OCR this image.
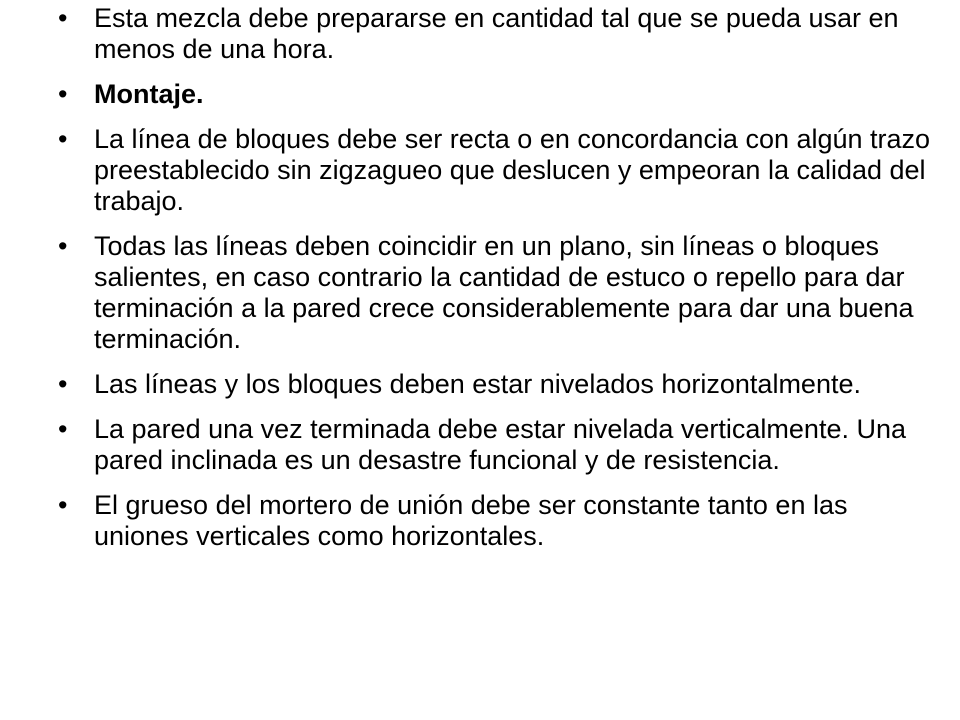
• Esta mezcla debe prepararse en cantidad tal que se pueda usar en menos de una hora.
• Montaje.
• La línea de bloques debe ser recta o en concordancia con algún trazo preestablecido sin zigzagueo que deslucen y empeoran la calidad del trabajo.
• Todas las líneas deben coincidir en un plano, sin líneas o bloques salientes, en caso contrario la cantidad de estuco o repello para dar terminación a la pared crece considerablemente para dar una buena terminación.
• Las líneas y los bloques deben estar nivelados horizontalmente.
• La pared una vez terminada debe estar nivelada verticalmente. Una pared inclinada es un desastre funcional y de resistencia.
• El grueso del mortero de unión debe ser constante tanto en las uniones verticales como horizontales.
